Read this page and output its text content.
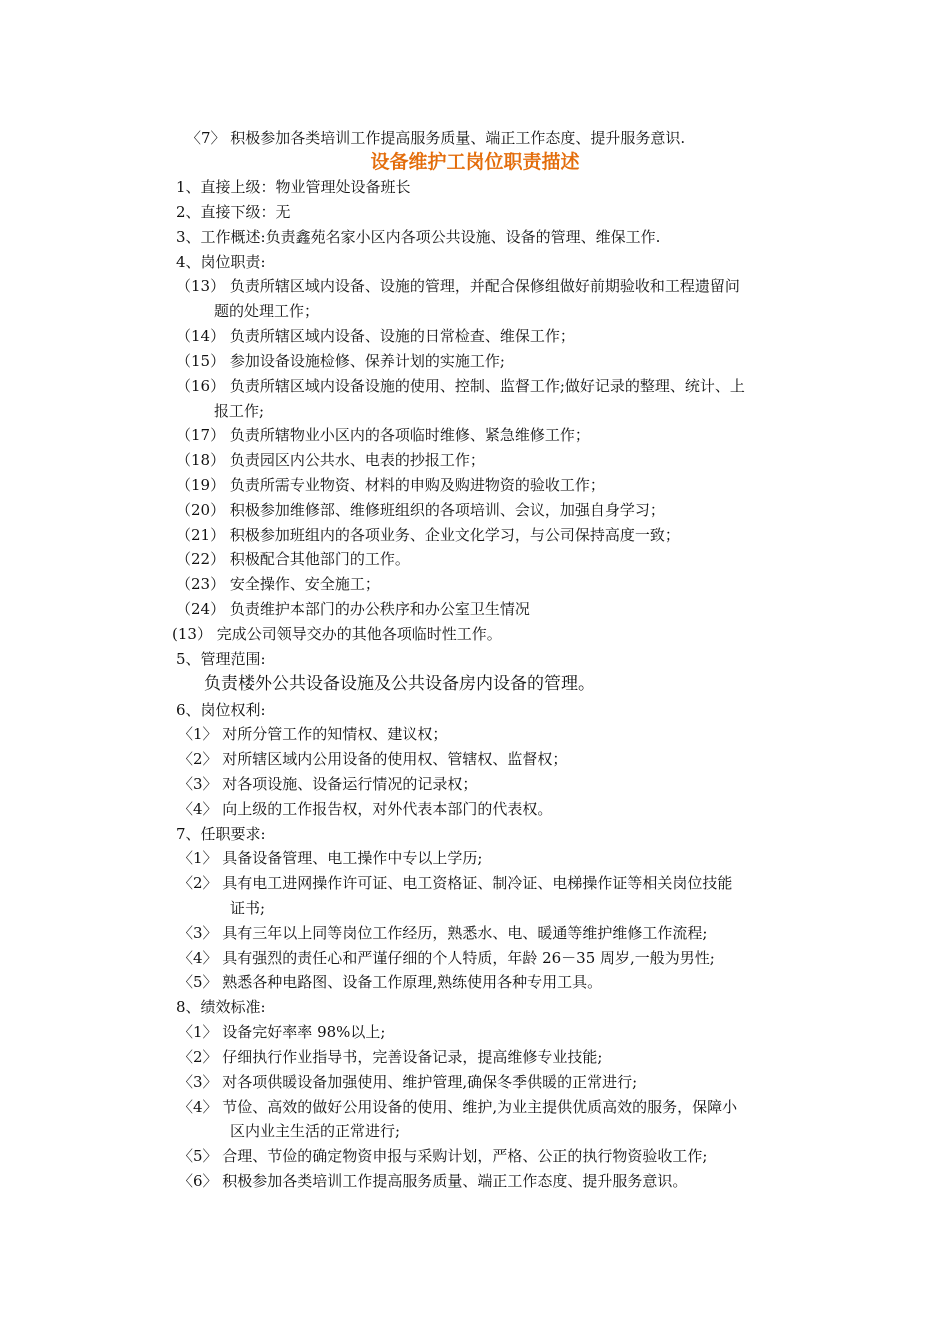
〈7〉 积极参加各类培训工作提高服务质量、端正工作态度、提升服务意识.
设备维护工岗位职责描述
1、直接上级：物业管理处设备班长
2、直接下级：无
3、工作概述:负责鑫苑名家小区内各项公共设施、设备的管理、维保工作.
4、岗位职责:
（13） 负责所辖区域内设备、设施的管理，并配合保修组做好前期验收和工程遗留问
题的处理工作；
（14） 负责所辖区域内设备、设施的日常检查、维保工作；
（15） 参加设备设施检修、保养计划的实施工作;
（16） 负责所辖区域内设备设施的使用、控制、监督工作;做好记录的整理、统计、上
报工作;
（17） 负责所辖物业小区内的各项临时维修、紧急维修工作；
（18） 负责园区内公共水、电表的抄报工作；
（19） 负责所需专业物资、材料的申购及购进物资的验收工作；
（20） 积极参加维修部、维修班组织的各项培训、会议，加强自身学习；
（21） 积极参加班组内的各项业务、企业文化学习，与公司保持高度一致；
（22） 积极配合其他部门的工作。
（23） 安全操作、安全施工；
（24） 负责维护本部门的办公秩序和办公室卫生情况
(13） 完成公司领导交办的其他各项临时性工作。
5、管理范围:
负责楼外公共设备设施及公共设备房内设备的管理。
6、岗位权利:
〈1〉 对所分管工作的知情权、建议权；
〈2〉 对所辖区域内公用设备的使用权、管辖权、监督权；
〈3〉 对各项设施、设备运行情况的记录权；
〈4〉 向上级的工作报告权，对外代表本部门的代表权。
7、任职要求:
〈1〉 具备设备管理、电工操作中专以上学历;
〈2〉 具有电工进网操作许可证、电工资格证、制冷证、电梯操作证等相关岗位技能
证书;
〈3〉 具有三年以上同等岗位工作经历，熟悉水、电、暖通等维护维修工作流程;
〈4〉 具有强烈的责任心和严谨仔细的个人特质，年龄 26－35 周岁,一般为男性;
〈5〉 熟悉各种电路图、设备工作原理,熟练使用各种专用工具。
8、绩效标准:
〈1〉 设备完好率率 98%以上;
〈2〉 仔细执行作业指导书，完善设备记录，提高维修专业技能;
〈3〉 对各项供暖设备加强使用、维护管理,确保冬季供暖的正常进行;
〈4〉 节俭、高效的做好公用设备的使用、维护,为业主提供优质高效的服务，保障小
区内业主生活的正常进行;
〈5〉 合理、节俭的确定物资申报与采购计划，严格、公正的执行物资验收工作;
〈6〉 积极参加各类培训工作提高服务质量、端正工作态度、提升服务意识。
